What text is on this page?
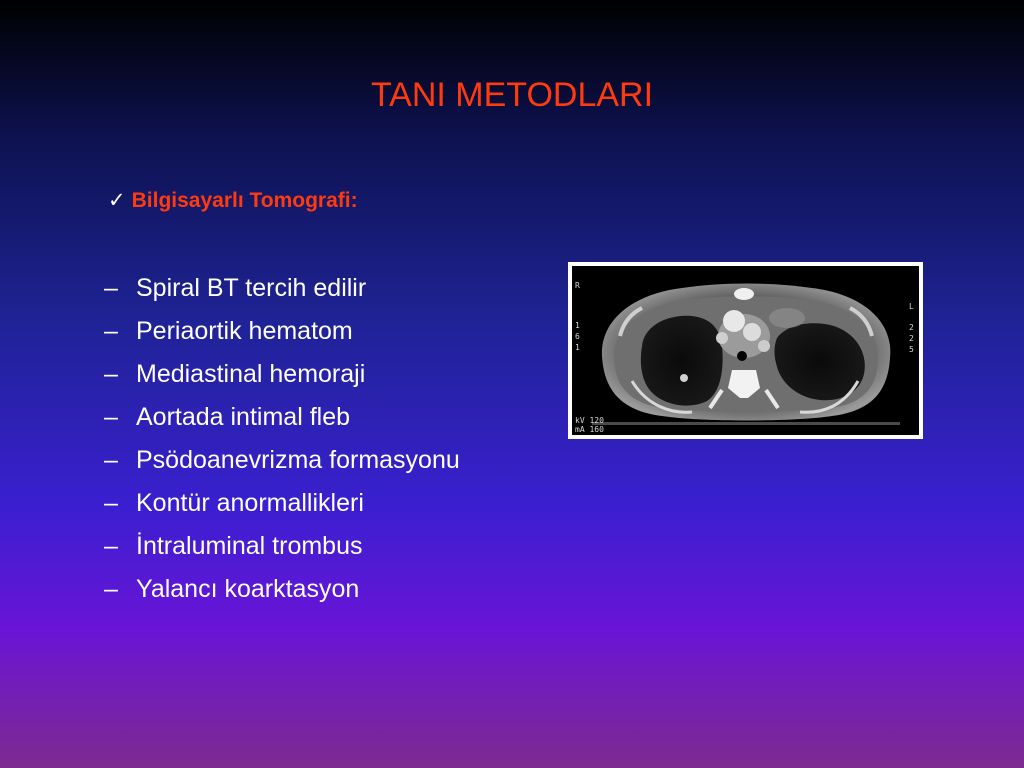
TANI METODLARI
✓ Bilgisayarlı Tomografi:
– Spiral BT tercih edilir
– Periaortik hematom
– Mediastinal hemoraji
– Aortada intimal fleb
– Psödoanevrizma formasyonu
– Kontür anormallikleri
– İntraluminal trombus
– Yalancı koarktasyon
R
1 6 1
L
2 2 5
kV 120
mA 160
